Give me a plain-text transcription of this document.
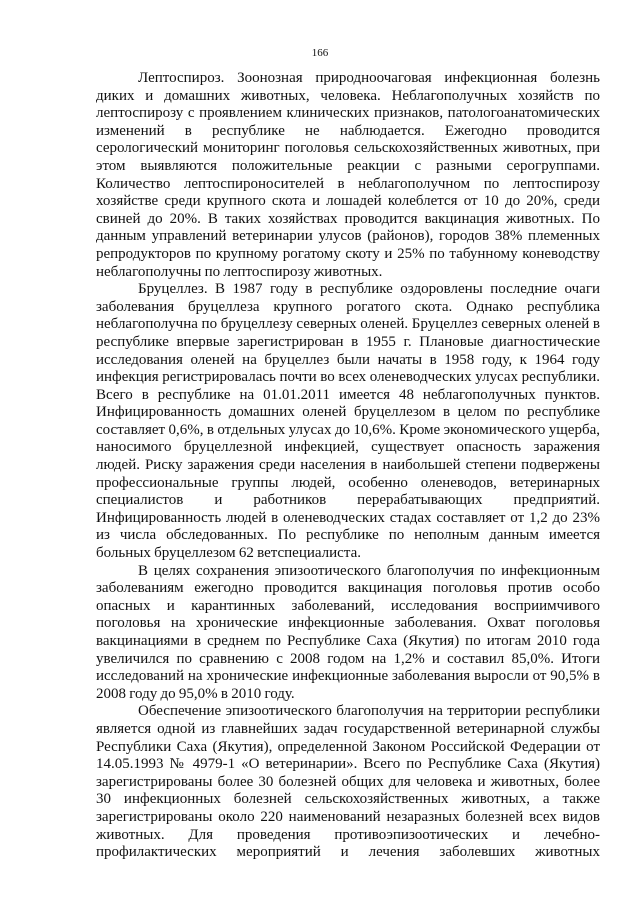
166

Лептоспироз. Зоонозная природноочаговая инфекционная болезнь диких и домашних животных, человека. Неблагополучных хозяйств по лептоспирозу с проявлением клинических признаков, патологоанатомических изменений в республике не наблюдается. Ежегодно проводится серологический мониторинг поголовья сельскохозяйственных животных, при этом выявляются положительные реакции с разными серогруппами. Количество лептоспироносителей в неблагополучном по лептоспирозу хозяйстве среди крупного скота и лошадей колеблется от 10 до 20%, среди свиней до 20%. В таких хозяйствах проводится вакцинация животных. По данным управлений ветеринарии улусов (районов), городов 38% племенных репродукторов по крупному рогатому скоту и 25% по табунному коневодству неблагополучны по лептоспирозу животных.

Бруцеллез. В 1987 году в республике оздоровлены последние очаги заболевания бруцеллеза крупного рогатого скота. Однако республика неблагополучна по бруцеллезу северных оленей. Бруцеллез северных оленей в республике впервые зарегистрирован в 1955 г. Плановые диагностические исследования оленей на бруцеллез были начаты в 1958 году, к 1964 году инфекция регистрировалась почти во всех оленеводческих улусах республики. Всего в республике на 01.01.2011 имеется 48 неблагополучных пунктов. Инфицированность домашних оленей бруцеллезом в целом по республике составляет 0,6%, в отдельных улусах до 10,6%. Кроме экономического ущерба, наносимого бруцеллезной инфекцией, существует опасность заражения людей. Риску заражения среди населения в наибольшей степени подвержены профессиональные группы людей, особенно оленеводов, ветеринарных специалистов и работников перерабатывающих предприятий. Инфицированность людей в оленеводческих стадах составляет от 1,2 до 23% из числа обследованных. По республике по неполным данным имеется больных бруцеллезом 62 ветспециалиста.

В целях сохранения эпизоотического благополучия по инфекционным заболеваниям ежегодно проводится вакцинация поголовья против особо опасных и карантинных заболеваний, исследования восприимчивого поголовья на хронические инфекционные заболевания. Охват поголовья вакцинациями в среднем по Республике Саха (Якутия) по итогам 2010 года увеличился по сравнению с 2008 годом на 1,2% и составил 85,0%. Итоги исследований на хронические инфекционные заболевания выросли от 90,5% в 2008 году до 95,0% в 2010 году.

Обеспечение эпизоотического благополучия на территории республики является одной из главнейших задач государственной ветеринарной службы Республики Саха (Якутия), определенной Законом Российской Федерации от 14.05.1993 № 4979-1 «О ветеринарии». Всего по Республике Саха (Якутия) зарегистрированы более 30 болезней общих для человека и животных, более 30 инфекционных болезней сельскохозяйственных животных, а также зарегистрированы около 220 наименований незаразных болезней всех видов животных. Для проведения противоэпизоотических и лечебно-профилактических мероприятий и лечения заболевших животных
